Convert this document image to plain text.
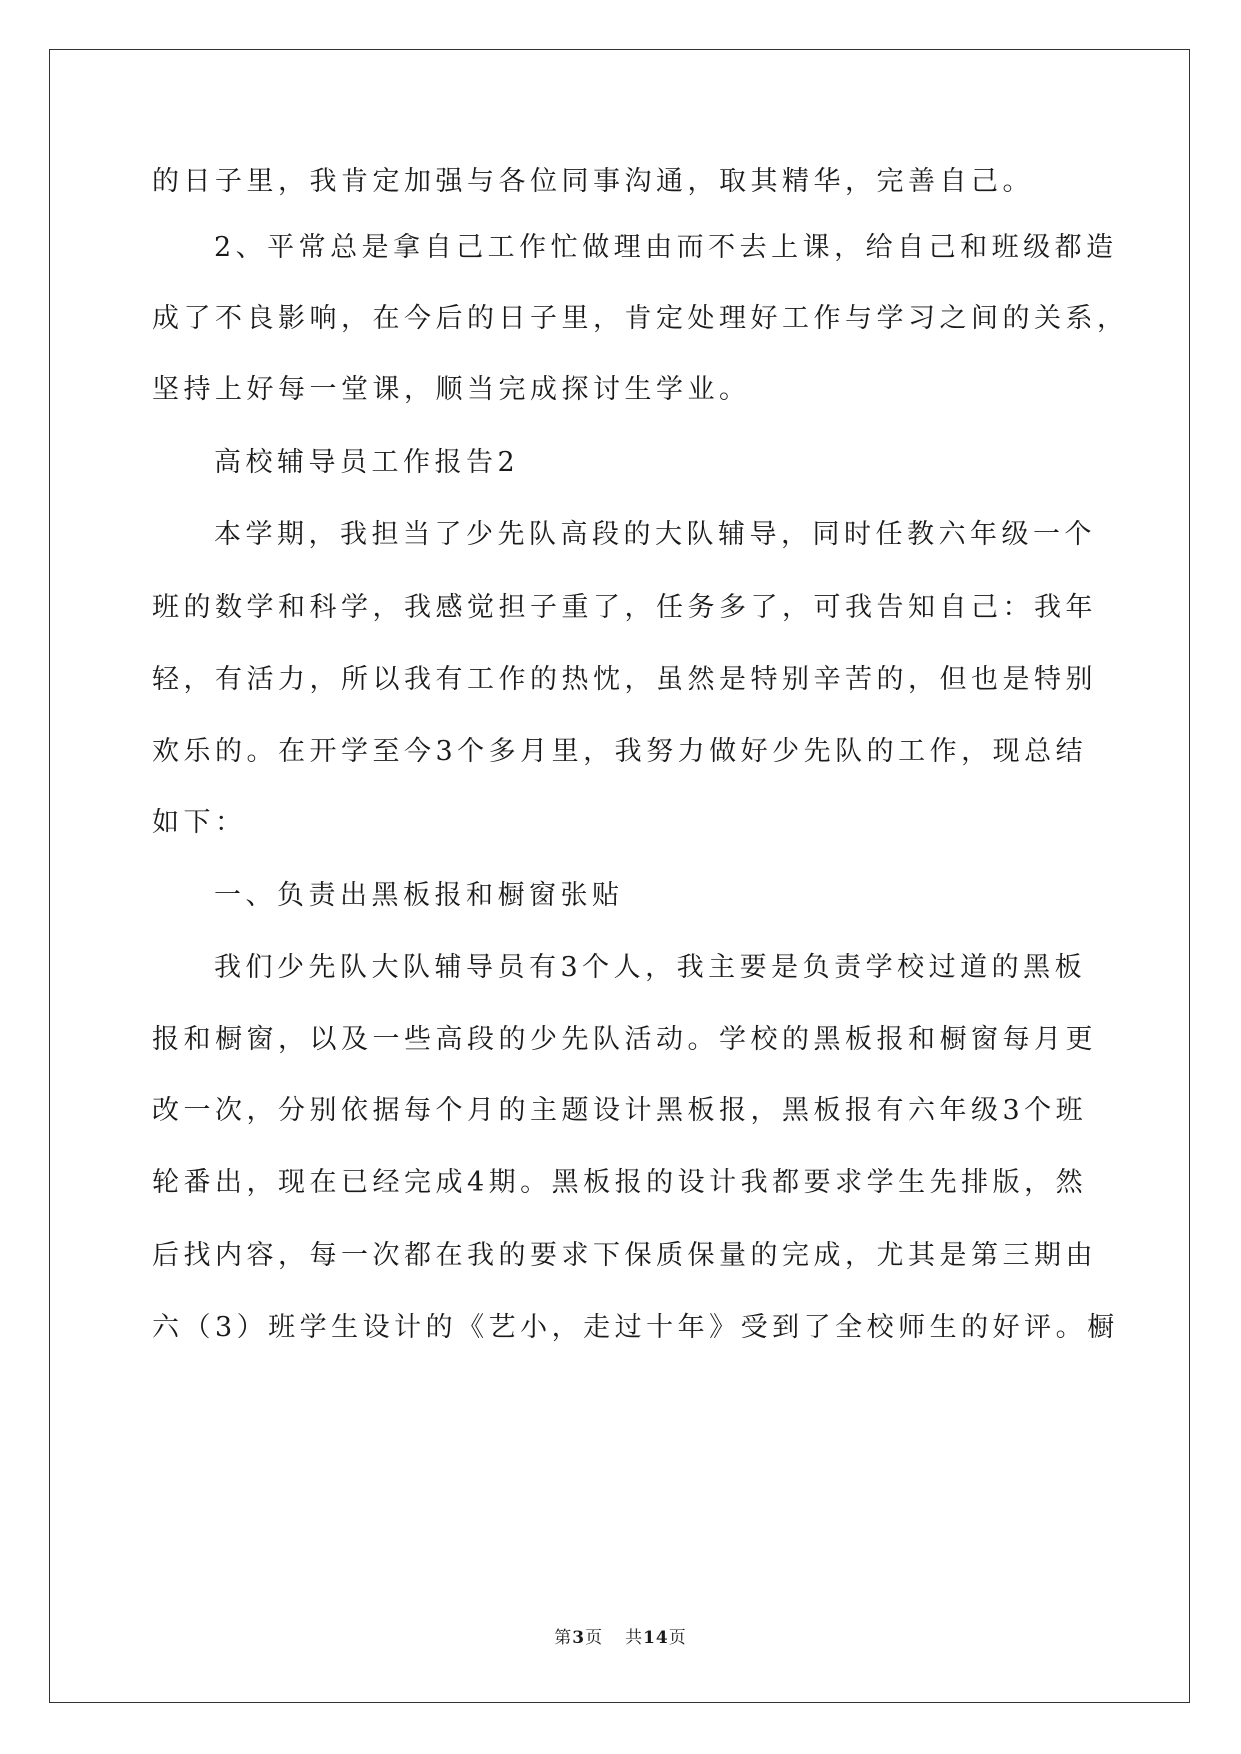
的日子里，我肯定加强与各位同事沟通，取其精华，完善自己。
2、平常总是拿自己工作忙做理由而不去上课，给自己和班级都造
成了不良影响，在今后的日子里，肯定处理好工作与学习之间的关系，
坚持上好每一堂课，顺当完成探讨生学业。
高校辅导员工作报告2
本学期，我担当了少先队高段的大队辅导，同时任教六年级一个
班的数学和科学，我感觉担子重了，任务多了，可我告知自己：我年
轻，有活力，所以我有工作的热忱，虽然是特别辛苦的，但也是特别
欢乐的。在开学至今3个多月里，我努力做好少先队的工作，现总结
如下：
一、负责出黑板报和橱窗张贴
我们少先队大队辅导员有3个人，我主要是负责学校过道的黑板
报和橱窗，以及一些高段的少先队活动。学校的黑板报和橱窗每月更
改一次，分别依据每个月的主题设计黑板报，黑板报有六年级3个班
轮番出，现在已经完成4期。黑板报的设计我都要求学生先排版，然
后找内容，每一次都在我的要求下保质保量的完成，尤其是第三期由
六（3）班学生设计的《艺小，走过十年》受到了全校师生的好评。橱
第3页 共14页
